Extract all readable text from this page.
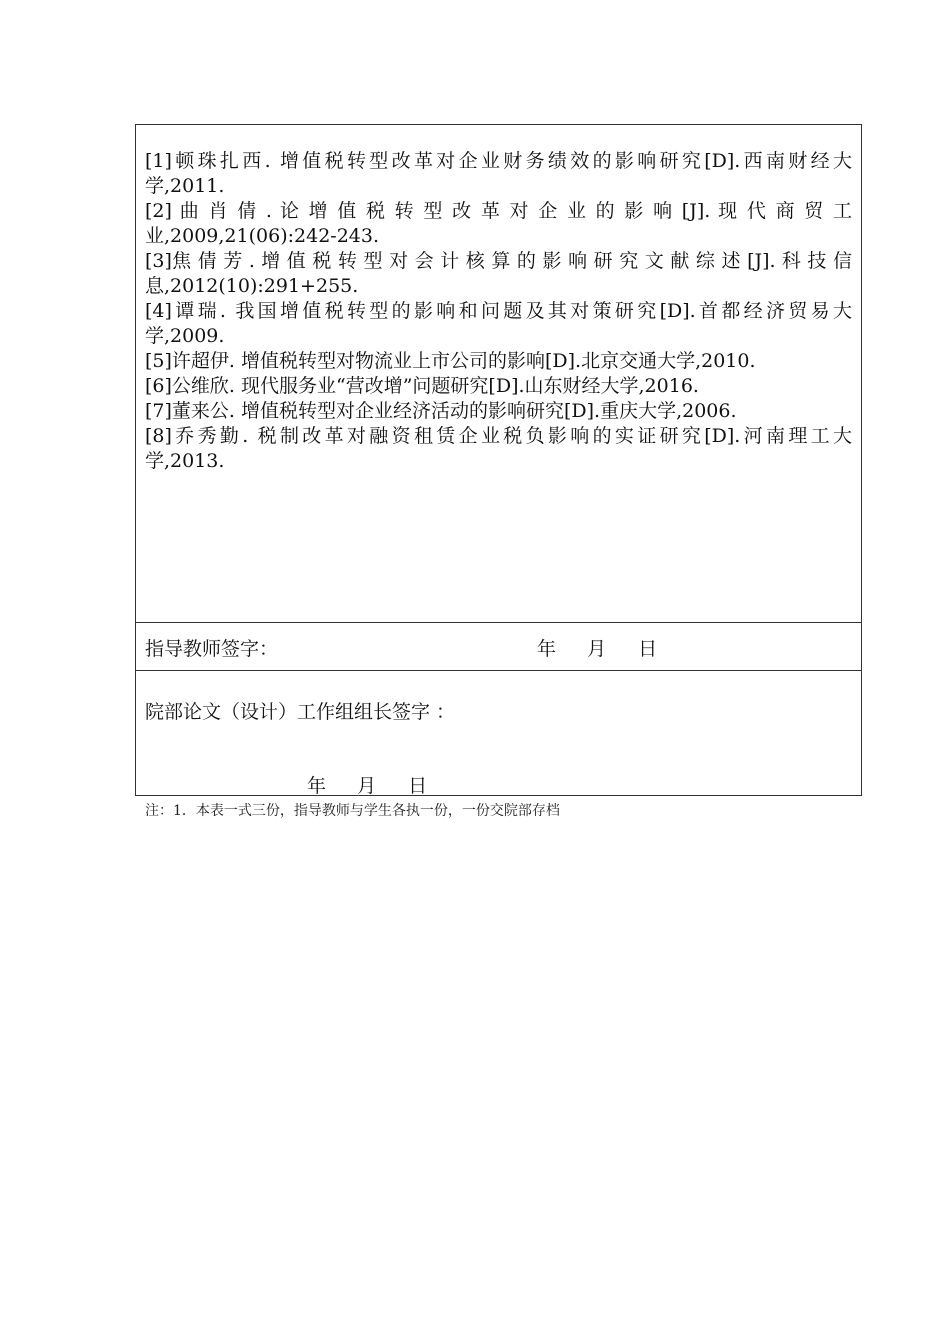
[1]顿珠扎西. 增值税转型改革对企业财务绩效的影响研究[D].西南财经大

学,2011.

[2] 曲 肖 倩 . 论 增 值 税 转 型 改 革 对 企 业 的 影 响 [J]. 现 代 商 贸 工

业,2009,21(06):242-243.

[3]焦 倩 芳 . 增 值 税 转 型 对 会 计 核 算 的 影 响 研 究 文 献 综 述 [J]. 科 技 信

息,2012(10):291+255.

[4]谭瑞. 我国增值税转型的影响和问题及其对策研究[D].首都经济贸易大

学,2009.

[5]许超伊. 增值税转型对物流业上市公司的影响[D].北京交通大学,2010.

[6]公维欣. 现代服务业“营改增”问题研究[D].山东财经大学,2016.

[7]董来公. 增值税转型对企业经济活动的影响研究[D].重庆大学,2006.

[8]乔秀勤. 税制改革对融资租赁企业税负影响的实证研究[D].河南理工大

学,2013.

指导教师签字：	年 月 日
院部论文（设计）工作组组长签字 ：
年 月 日
注：1．本表一式三份，指导教师与学生各执一份，一份交院部存档
